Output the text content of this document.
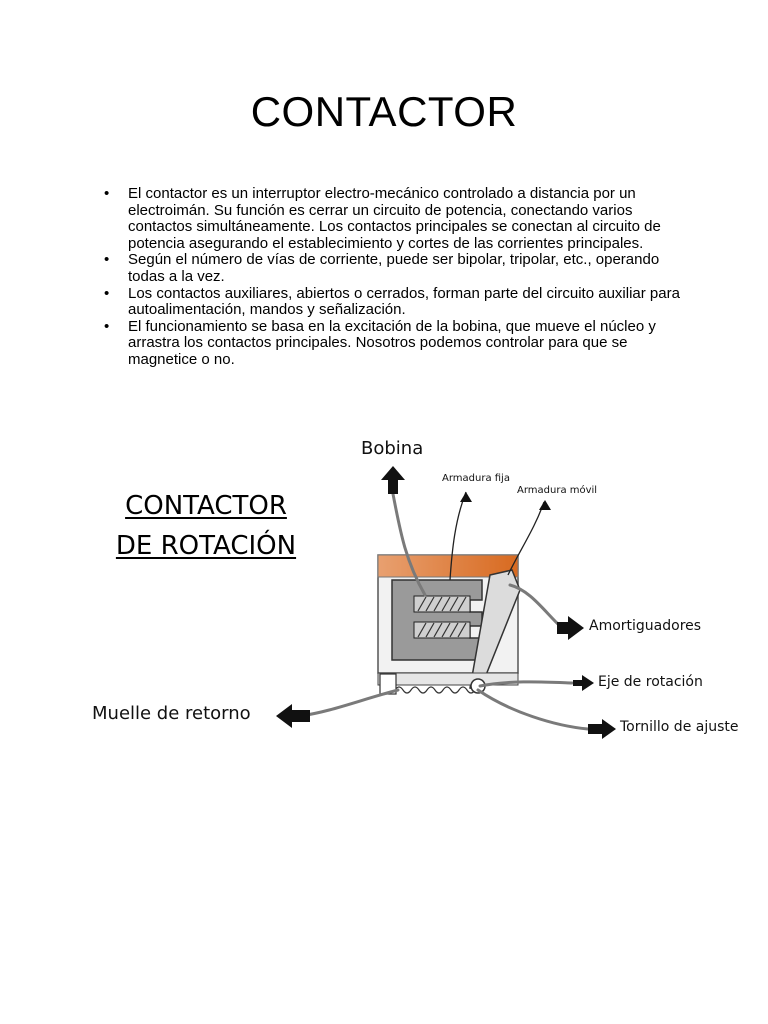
CONTACTOR
• El contactor es un interruptor electro-mecánico controlado a distancia por un electroimán. Su función es cerrar un circuito de potencia, conectando varios contactos simultáneamente. Los contactos principales se conectan al circuito de potencia asegurando el establecimiento y cortes de las corrientes principales.
• Según el número de vías de corriente, puede ser bipolar, tripolar, etc., operando todas a la vez.
• Los contactos auxiliares, abiertos o cerrados, forman parte del circuito auxiliar para autoalimentación, mandos y señalización.
• El funcionamiento se basa en la excitación de la bobina, que mueve el núcleo y arrastra los contactos principales. Nosotros podemos controlar para que se magnetice o no.
CONTACTOR
DE ROTACIÓN
Bobina
Armadura fija
Armadura móvil
Amortiguadores
Eje de rotación
Tornillo de ajuste
Muelle de retorno
